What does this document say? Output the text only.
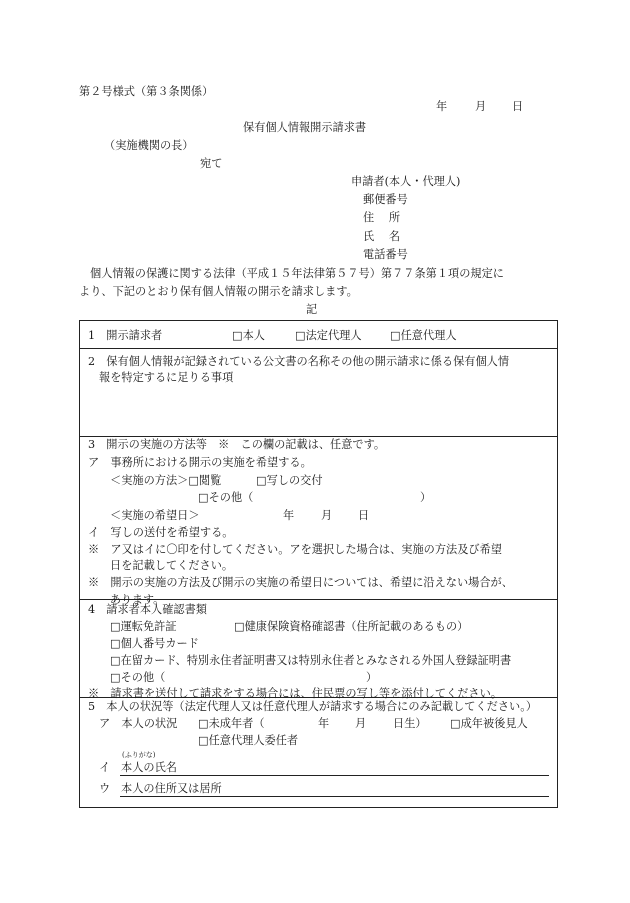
第２号様式（第３条関係）
年 月 日
保有個人情報開示請求書
（実施機関の長）
宛て
申請者(本人・代理人)
郵便番号
住　 所
氏　 名
電話番号
個人情報の保護に関する法律（平成１５年法律第５７号）第７７条第１項の規定に
より、下記のとおり保有個人情報の開示を請求します。
記
1　開示請求者	□本人	□法定代理人	□任意代理人
2　保有個人情報が記録されている公文書の名称その他の開示請求に係る保有個人情
報を特定するに足りる事項
3　開示の実施の方法等　※　この欄の記載は、任意です。
ア　事務所における開示の実施を希望する。
＜実施の方法＞□閲覧	□写しの交付
□その他（	）
＜実施の希望日＞	年 月 日
イ　写しの送付を希望する。
※　ア又はイに〇印を付してください。アを選択した場合は、実施の方法及び希望
日を記載してください。
※　開示の実施の方法及び開示の実施の希望日については、希望に沿えない場合が、
あります。
4　請求者本人確認書類
□運転免許証	□健康保険資格確認書（住所記載のあるもの）
□個人番号カード
□在留カード、特別永住者証明書又は特別永住者とみなされる外国人登録証明書
□その他（	）
※　請求書を送付して請求をする場合には、住民票の写し等を添付してください。
5　本人の状況等（法定代理人又は任意代理人が請求する場合にのみ記載してください。）
ア　本人の状況 □未成年者（	年 月 日生） □成年被後見人
□任意代理人委任者
(ふりがな)
イ 本人の氏名
ウ 本人の住所又は居所
